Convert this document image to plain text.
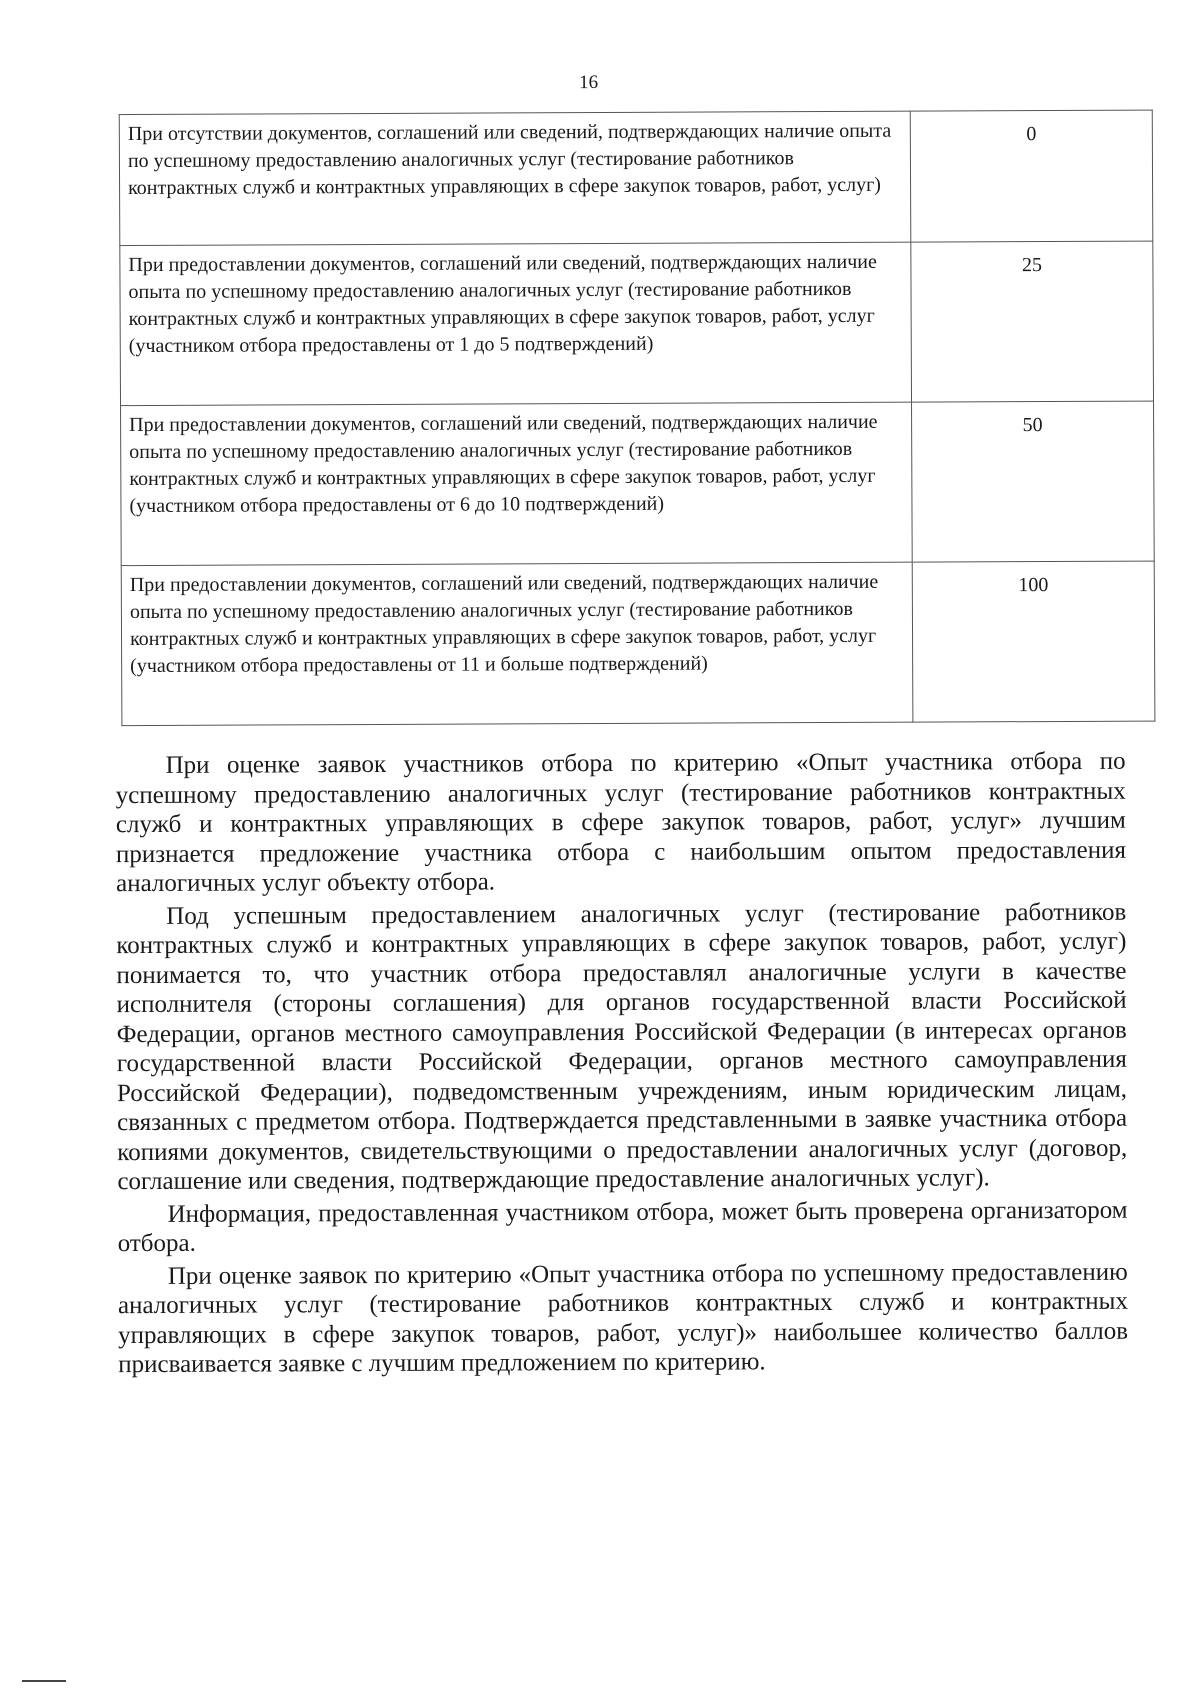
16
При отсутствии документов, соглашений или сведений, подтверждающих наличие опыта по успешному предоставлению аналогичных услуг (тестирование работников контрактных служб и контрактных управляющих в сфере закупок товаров, работ, услуг)	0
При предоставлении документов, соглашений или сведений, подтверждающих наличие опыта по успешному предоставлению аналогичных услуг (тестирование работников контрактных служб и контрактных управляющих в сфере закупок товаров, работ, услуг (участником отбора предоставлены от 1 до 5 подтверждений)	25
При предоставлении документов, соглашений или сведений, подтверждающих наличие опыта по успешному предоставлению аналогичных услуг (тестирование работников контрактных служб и контрактных управляющих в сфере закупок товаров, работ, услуг (участником отбора предоставлены от 6 до 10 подтверждений)	50
При предоставлении документов, соглашений или сведений, подтверждающих наличие опыта по успешному предоставлению аналогичных услуг (тестирование работников контрактных служб и контрактных управляющих в сфере закупок товаров, работ, услуг (участником отбора предоставлены от 11 и больше подтверждений)	100

При оценке заявок участников отбора по критерию «Опыт участника отбора по успешному предоставлению аналогичных услуг (тестирование работников контрактных служб и контрактных управляющих в сфере закупок товаров, работ, услуг» лучшим признается предложение участника отбора с наибольшим опытом предоставления аналогичных услуг объекту отбора.

Под успешным предоставлением аналогичных услуг (тестирование работников контрактных служб и контрактных управляющих в сфере закупок товаров, работ, услуг) понимается то, что участник отбора предоставлял аналогичные услуги в качестве исполнителя (стороны соглашения) для органов государственной власти Российской Федерации, органов местного самоуправления Российской Федерации (в интересах органов государственной власти Российской Федерации, органов местного самоуправления Российской Федерации), подведомственным учреждениям, иным юридическим лицам, связанных с предметом отбора. Подтверждается представленными в заявке участника отбора копиями документов, свидетельствующими о предоставлении аналогичных услуг (договор, соглашение или сведения, подтверждающие предоставление аналогичных услуг).

Информация, предоставленная участником отбора, может быть проверена организатором отбора.

При оценке заявок по критерию «Опыт участника отбора по успешному предоставлению аналогичных услуг (тестирование работников контрактных служб и контрактных управляющих в сфере закупок товаров, работ, услуг)» наибольшее количество баллов присваивается заявке с лучшим предложением по критерию.
